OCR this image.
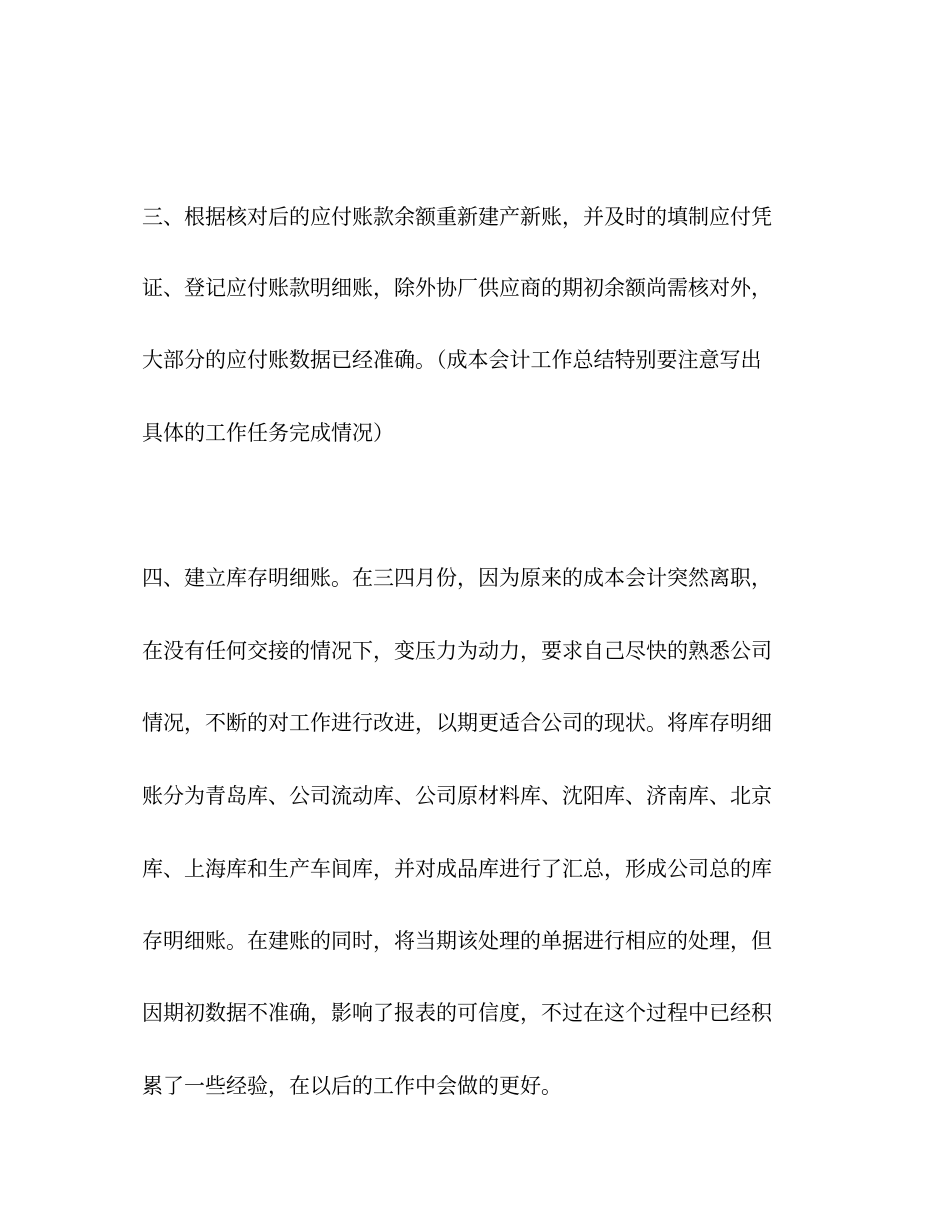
三、根据核对后的应付账款余额重新建产新账，并及时的填制应付凭
证、登记应付账款明细账，除外协厂供应商的期初余额尚需核对外，
大部分的应付账数据已经准确。（成本会计工作总结特别要注意写出
具体的工作任务完成情况）
四、建立库存明细账。在三四月份，因为原来的成本会计突然离职，
在没有任何交接的情况下，变压力为动力，要求自己尽快的熟悉公司
情况，不断的对工作进行改进，以期更适合公司的现状。将库存明细
账分为青岛库、公司流动库、公司原材料库、沈阳库、济南库、北京
库、上海库和生产车间库，并对成品库进行了汇总，形成公司总的库
存明细账。在建账的同时，将当期该处理的单据进行相应的处理，但
因期初数据不准确，影响了报表的可信度，不过在这个过程中已经积
累了一些经验，在以后的工作中会做的更好。
